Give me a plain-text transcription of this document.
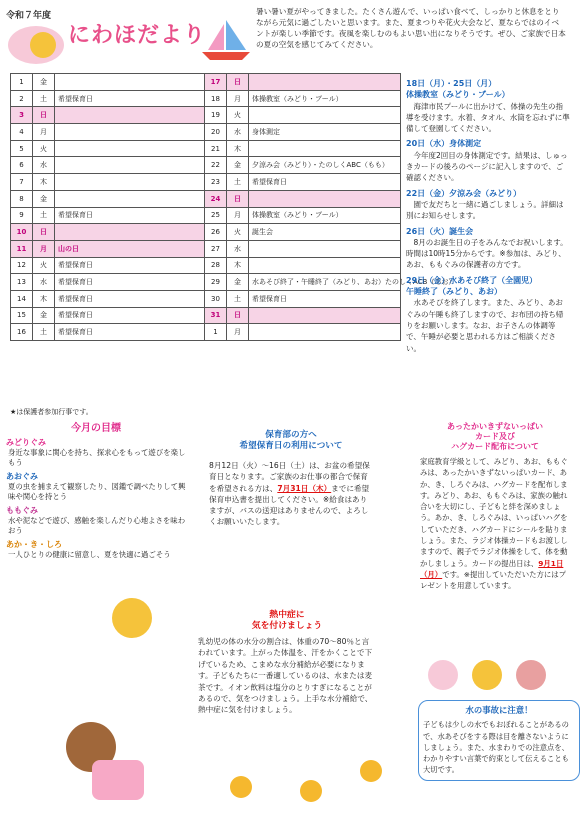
令和７年度
にわほだより
暑い暑い夏がやってきました。たくさん遊んで、いっぱい食べて、しっかりと休息をとりながら元気に過ごしたいと思います。また、夏まつりや花火大会など、夏ならではのイベントが楽しい季節です。夜風を楽しむのもよい思い出になりそうです。ぜひ、ご家族で日本の夏の空気を感じてみてください。
1	金		17	日	
2	土	希望保育日	18	月	体操教室（みどり・ブール）
3	日		19	火	
4	月		20	水	身体測定
5	火		21	木	
6	水		22	金	夕涼み会（みどり）・たのしくABC（もも）
7	木		23	土	希望保育日
8	金		24	日	
9	土	希望保育日	25	月	体操教室（みどり・ブール）
10	日		26	火	誕生会
11	月	山の日	27	水	
12	火	希望保育日	28	木	
13	水	希望保育日	29	金	水あそび終了・午睡終了（みどり、あお）たのしくACB（あお）
14	木	希望保育日	30	土	希望保育日
15	金	希望保育日	31	日	
16	土	希望保育日	1	月	
★は保護者参加行事です。
18日（月）・25日（月）
体操教室（みどり・ブール）
　海津市民プールに出かけて、体操の先生の指導を受けます。水着、タオル、水筒を忘れずに準備して登園してください。
20日（水）身体測定
　今年度2回目の身体測定です。結果は、しゅっきカードの後ろのページに記入しますので、ご確認ください。
22日（金）夕涼み会（みどり）
　園で友だちと一緒に過ごしましょう。詳細は別にお知らせします。
26日（火）誕生会
　8月のお誕生日の子をみんなでお祝いします。時間は10時15分からです。※参加は、みどり、あお、ももぐみの保護者の方です。
29日（金）水あそび終了（全園児）
午睡終了（みどり、あお）
　水あそびを終了します。また、みどり、あおぐみの午睡も終了しますので、お布団の持ち帰りをお願いします。なお、お子さんの体調等で、午睡が必要と思われる方はご相談ください。
今月の目標
みどりぐみ
身近な事象に関心を持ち、探求心をもって遊びを楽しもう
あおぐみ
夏の虫を捕まえて観察したり、図鑑で調べたりして興味や関心を持とう
ももぐみ
水や泥などで遊び、感触を楽しんだり心地よさを味わおう
あか・き・しろ
一人ひとりの健康に留意し、夏を快適に過ごそう
保育部の方へ
希望保育日の利用について
8月12日（火）～16日（土）は、お盆の希望保育日となります。ご家族のお仕事の都合で保育を希望される方は、7月31日（木）までに希望保育申込書を提出してください。※給食はありますが、バスの送迎はありませんので、よろしくお願いいたします。
熱中症に
気を付けましょう
乳幼児の体の水分の割合は、体重の70～80％と言われています。上がった体温を、汗をかくことで下げているため、こまめな水分補給が必要になります。子どもたちに一番適しているのは、水または麦茶です。イオン飲料は塩分のとりすぎになることがあるので、気をつけましょう。上手な水分補給で、熱中症に気を付けましょう。
あったかいきずないっぱい
カード及び
ハグカード配布について
家庭教育学級として、みどり、あお、ももぐみは、あったかいきずないっぱいカード、あか、き、しろぐみは、ハグカードを配布します。みどり、あお、ももぐみは、家族の触れ合いを大切にし、子どもと絆を深めましょう。あか、き、しろぐみは、いっぱいハグをしていただき、ハグカードにシールを貼りましょう。また、ラジオ体操カードもお渡ししますので、親子でラジオ体操をして、体を動かしましょう。カードの提出日は、9月1日（月）です。※提出していただいた方にはプレゼントを用意しています。
水の事故に注意！
子どもは少しの水でもおぼれることがあるので、水あそびをする際は目を離さないようにしましょう。また、水まわりでの注意点を、わかりやすい言葉で約束として伝えることも大切です。
